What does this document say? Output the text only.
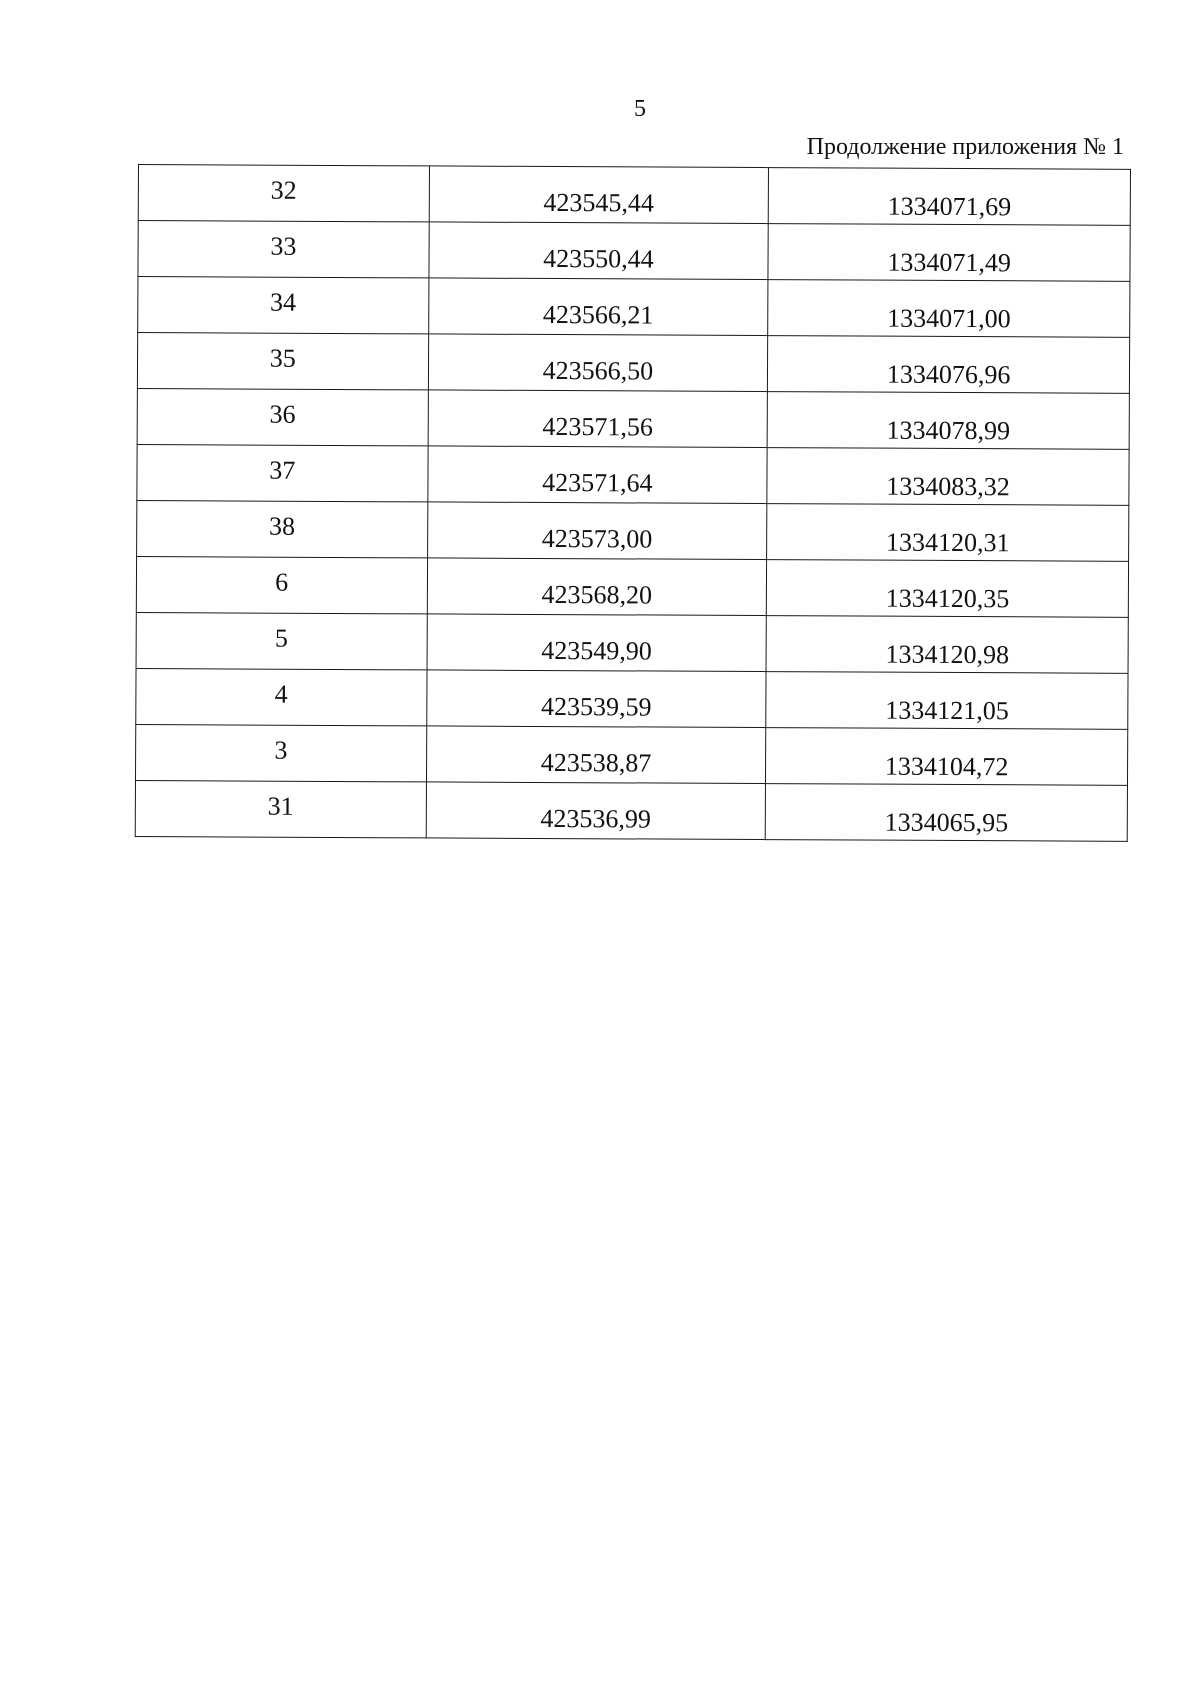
5
Продолжение приложения № 1
32	423545,44	1334071,69
33	423550,44	1334071,49
34	423566,21	1334071,00
35	423566,50	1334076,96
36	423571,56	1334078,99
37	423571,64	1334083,32
38	423573,00	1334120,31
6	423568,20	1334120,35
5	423549,90	1334120,98
4	423539,59	1334121,05
3	423538,87	1334104,72
31	423536,99	1334065,95
